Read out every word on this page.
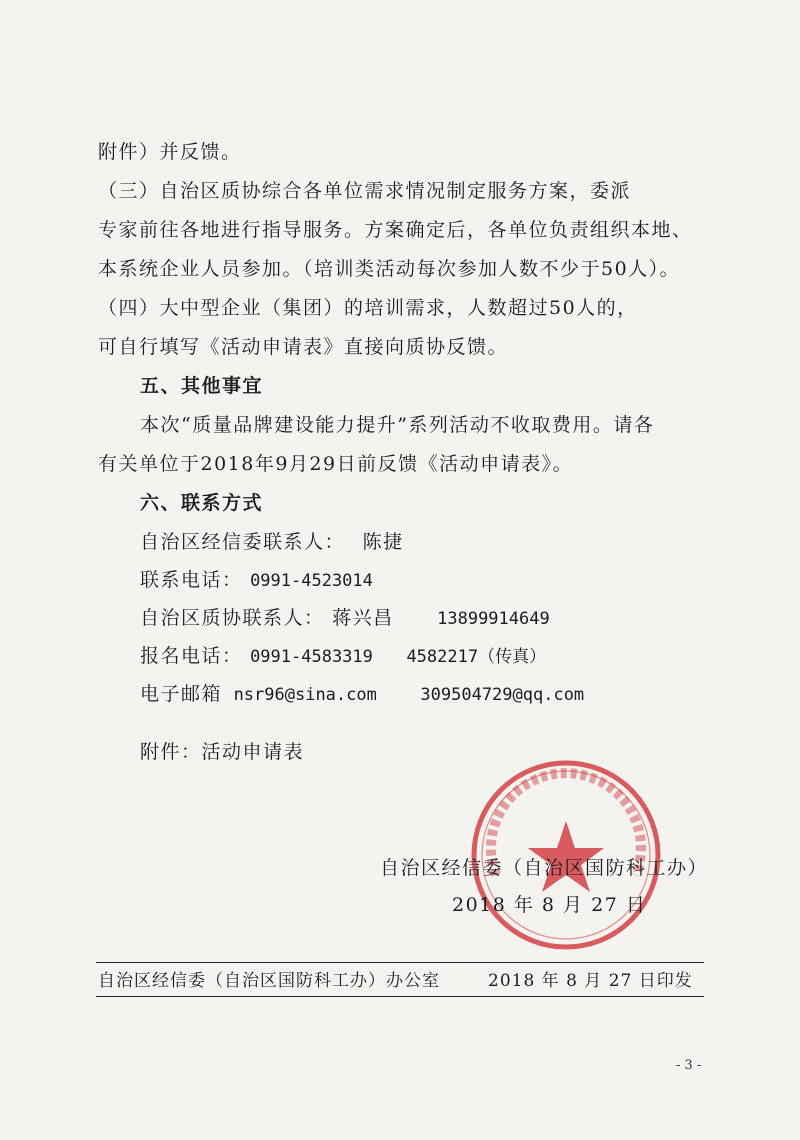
附件）并反馈。
（三）自治区质协综合各单位需求情况制定服务方案，委派
专家前往各地进行指导服务。方案确定后，各单位负责组织本地、
本系统企业人员参加。（培训类活动每次参加人数不少于50人）。
（四）大中型企业（集团）的培训需求，人数超过50人的，
可自行填写《活动申请表》直接向质协反馈。
五、其他事宜
本次“质量品牌建设能力提升”系列活动不收取费用。请各
有关单位于2018年9月29日前反馈《活动申请表》。
六、联系方式
自治区经信委联系人： 陈捷
联系电话： 0991-4523014
自治区质协联系人： 蒋兴昌	13899914649
报名电话： 0991-4583319 4582217（传真）
电子邮箱 nsr96@sina.com	309504729@qq.com
附件：活动申请表
自治区经信委（自治区国防科工办）
2018 年 8 月 27 日
自治区经信委（自治区国防科工办）办公室	2018 年 8 月 27 日印发
- 3 -
